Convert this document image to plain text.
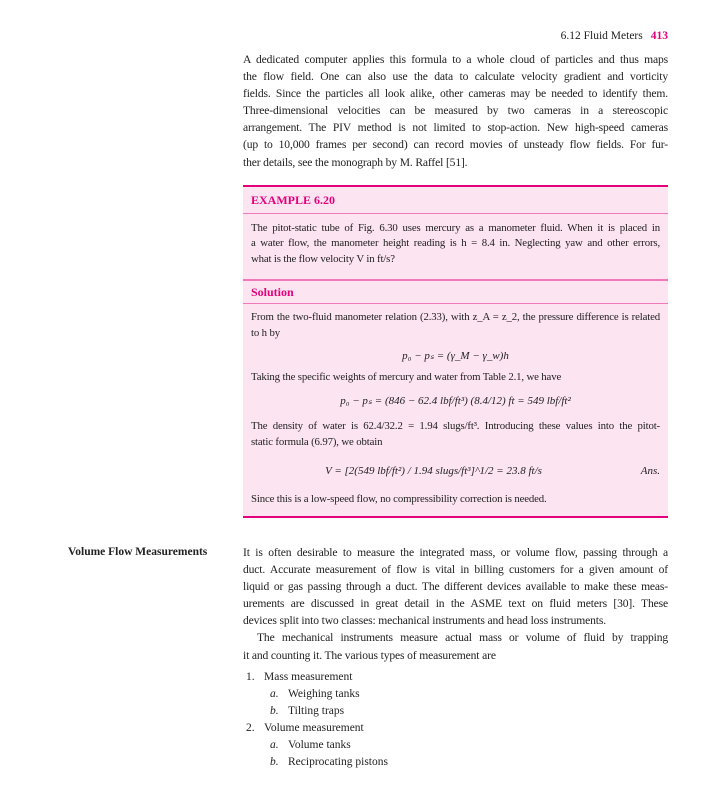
6.12 Fluid Meters 413
A dedicated computer applies this formula to a whole cloud of particles and thus maps
the flow field. One can also use the data to calculate velocity gradient and vorticity
fields. Since the particles all look alike, other cameras may be needed to identify them.
Three-dimensional velocities can be measured by two cameras in a stereoscopic
arrangement. The PIV method is not limited to stop-action. New high-speed cameras
(up to 10,000 frames per second) can record movies of unsteady flow fields. For fur-
ther details, see the monograph by M. Raffel [51].
EXAMPLE 6.20
The pitot-static tube of Fig. 6.30 uses mercury as a manometer fluid. When it is placed in
a water flow, the manometer height reading is h = 8.4 in. Neglecting yaw and other errors,
what is the flow velocity V in ft/s?
Solution
From the two-fluid manometer relation (2.33), with z_A = z_2, the pressure difference is related
to h by
p₀ − pₛ = (γ_M − γ_w)h
Taking the specific weights of mercury and water from Table 2.1, we have
p₀ − pₛ = (846 − 62.4 lbf/ft³) (8.4/12) ft = 549 lbf/ft²
The density of water is 62.4/32.2 = 1.94 slugs/ft³. Introducing these values into the pitot-
static formula (6.97), we obtain
V = [2(549 lbf/ft²) / 1.94 slugs/ft³]^1/2 = 23.8 ft/s	Ans.
Since this is a low-speed flow, no compressibility correction is needed.
Volume Flow Measurements	It is often desirable to measure the integrated mass, or volume flow, passing through a
duct. Accurate measurement of flow is vital in billing customers for a given amount of
liquid or gas passing through a duct. The different devices available to make these meas-
urements are discussed in great detail in the ASME text on fluid meters [30]. These
devices split into two classes: mechanical instruments and head loss instruments.
The mechanical instruments measure actual mass or volume of fluid by trapping
it and counting it. The various types of measurement are
1. Mass measurement
a. Weighing tanks
b. Tilting traps
2. Volume measurement
a. Volume tanks
b. Reciprocating pistons
